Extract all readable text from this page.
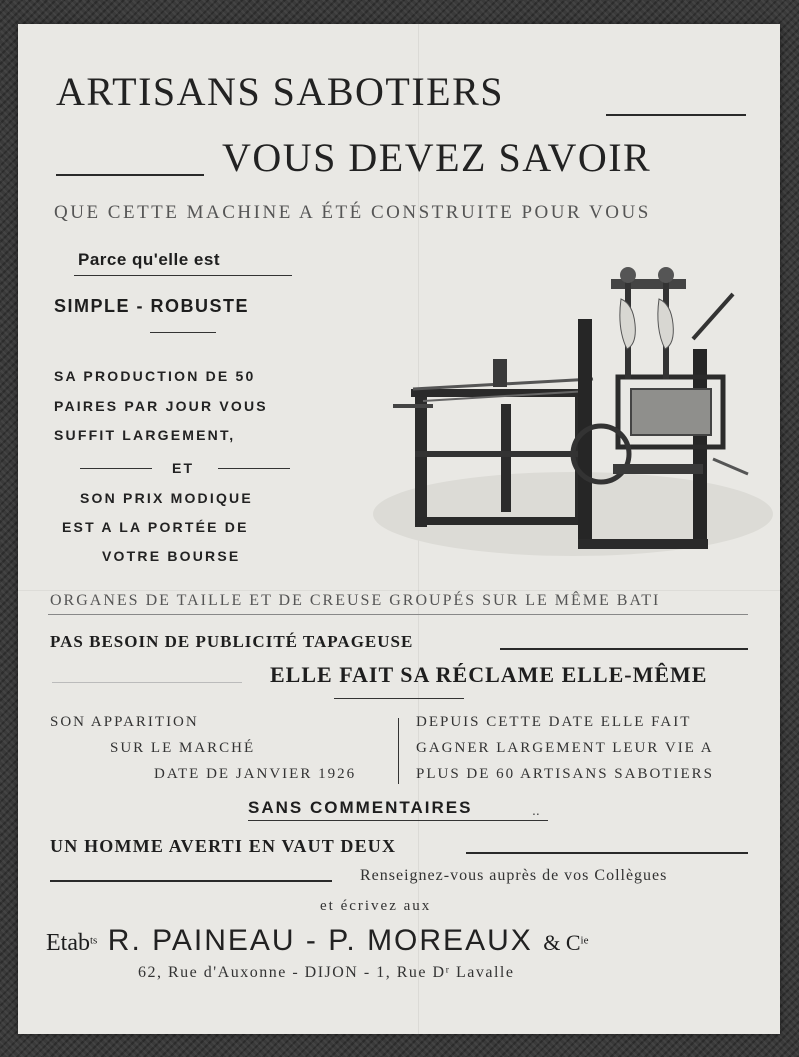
ARTISANS SABOTIERS
VOUS DEVEZ SAVOIR
QUE CETTE MACHINE A ÉTÉ CONSTRUITE POUR VOUS
Parce qu'elle est
SIMPLE - ROBUSTE
SA PRODUCTION DE 50
PAIRES PAR JOUR VOUS
SUFFIT LARGEMENT,
ET
SON PRIX MODIQUE
EST A LA PORTÉE DE
VOTRE BOURSE
ORGANES DE TAILLE ET DE CREUSE GROUPÉS SUR LE MÊME BATI
PAS BESOIN DE PUBLICITÉ TAPAGEUSE
ELLE FAIT SA RÉCLAME ELLE-MÊME
SON APPARITION
SUR LE MARCHÉ
DATE DE JANVIER 1926
DEPUIS CETTE DATE ELLE FAIT
GAGNER LARGEMENT LEUR VIE A
PLUS DE 60 ARTISANS SABOTIERS
SANS COMMENTAIRES	..
UN HOMME AVERTI EN VAUT DEUX
Renseignez-vous auprès de vos Collègues
et écrivez aux
Etab$^{ts}$ R. PAINEAU - P. MOREAUX & $C^{ie}$
62, Rue d'Auxonne - DIJON - 1, Rue Dʳ Lavalle
